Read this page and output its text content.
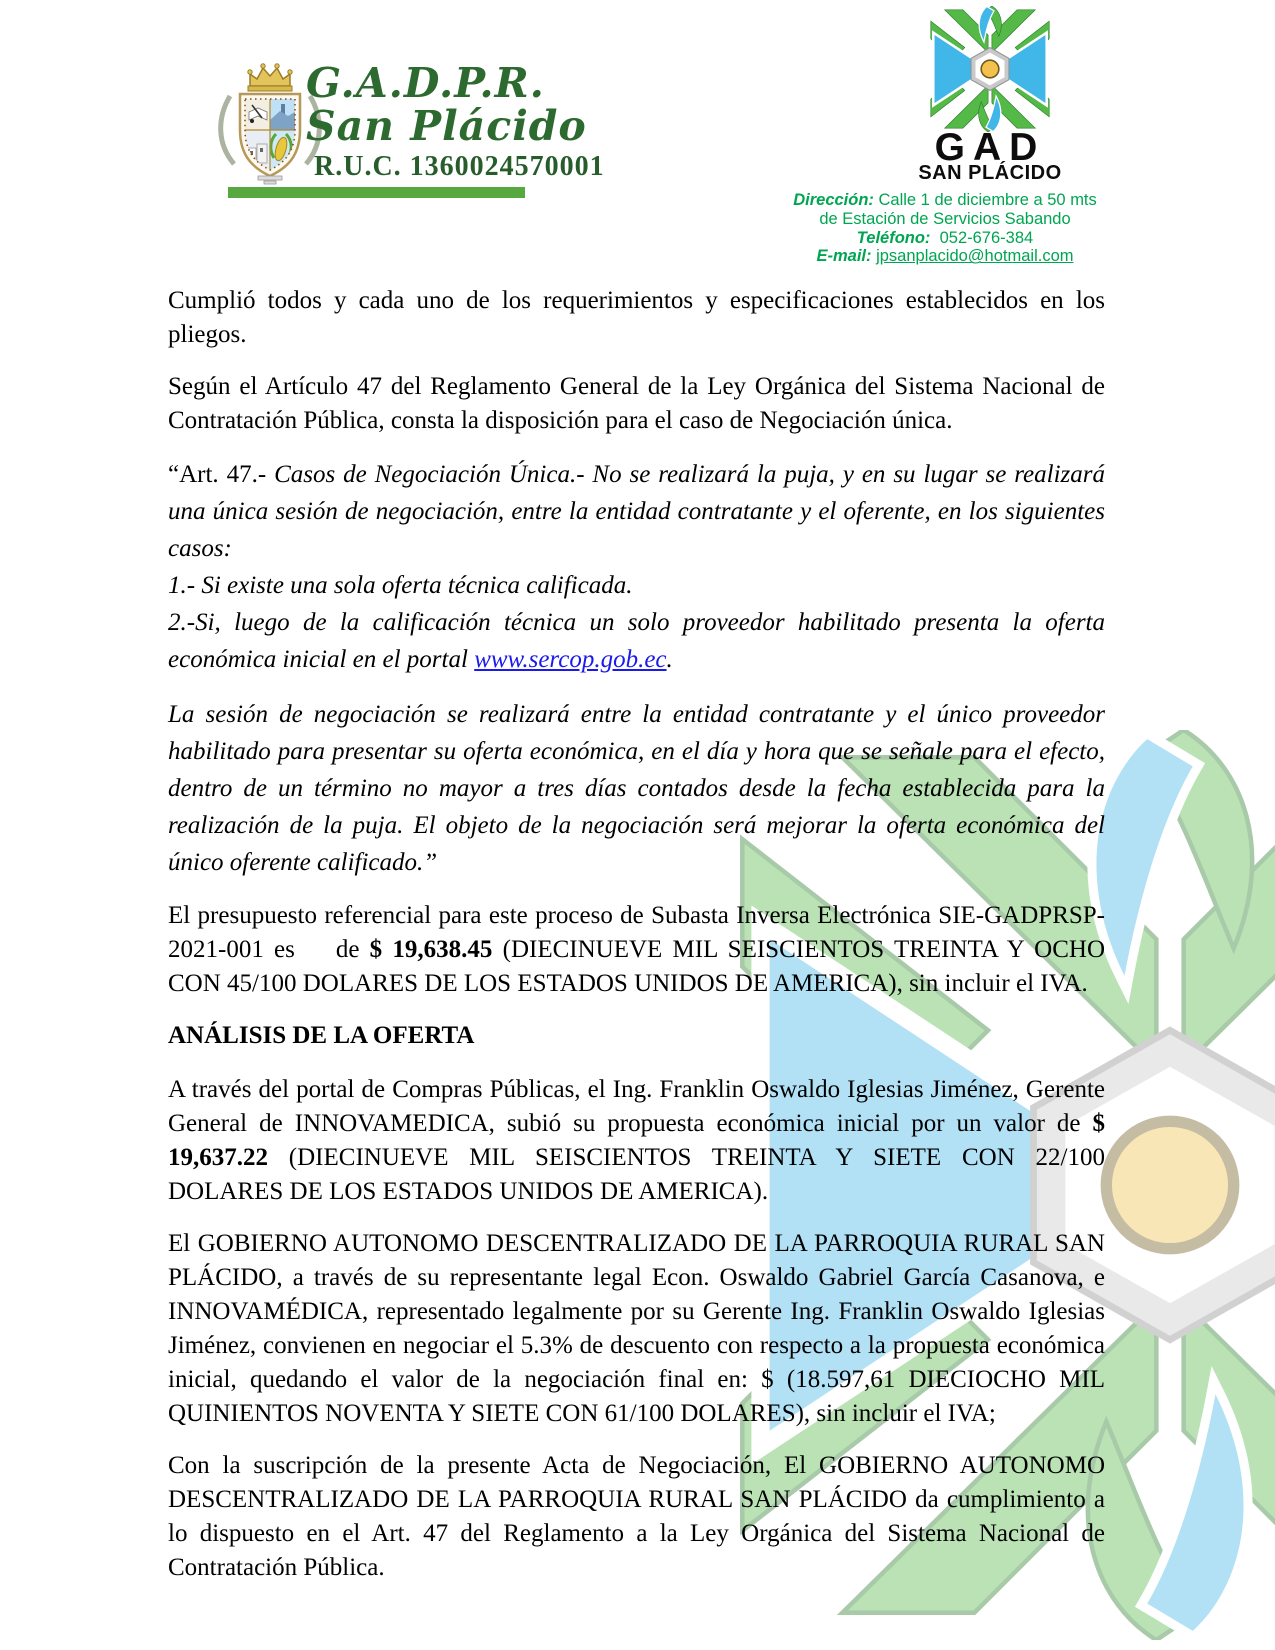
G.A.D.P.R.
San Plácido
R.U.C. 1360024570001	GAD
SAN PLÁCIDO
Dirección: Calle 1 de diciembre a 50 mts
de Estación de Servicios Sabando
Teléfono: 052-676-384
E-mail: jpsanplacido@hotmail.com

Cumplió todos y cada uno de los requerimientos y especificaciones establecidos en los pliegos.

Según el Artículo 47 del Reglamento General de la Ley Orgánica del Sistema Nacional de Contratación Pública, consta la disposición para el caso de Negociación única.

“Art. 47.- Casos de Negociación Única.- No se realizará la puja, y en su lugar se realizará una única sesión de negociación, entre la entidad contratante y el oferente, en los siguientes casos:
1.- Si existe una sola oferta técnica calificada.
2.-Si, luego de la calificación técnica un solo proveedor habilitado presenta la oferta económica inicial en el portal www.sercop.gob.ec.

La sesión de negociación se realizará entre la entidad contratante y el único proveedor habilitado para presentar su oferta económica, en el día y hora que se señale para el efecto, dentro de un término no mayor a tres días contados desde la fecha establecida para la realización de la puja. El objeto de la negociación será mejorar la oferta económica del único oferente calificado.”

El presupuesto referencial para este proceso de Subasta Inversa Electrónica SIE-GADPRSP-2021-001 es    de $ 19,638.45 (DIECINUEVE MIL SEISCIENTOS TREINTA Y OCHO CON 45/100 DOLARES DE LOS ESTADOS UNIDOS DE AMERICA), sin incluir el IVA.

ANÁLISIS DE LA OFERTA

A través del portal de Compras Públicas, el Ing. Franklin Oswaldo Iglesias Jiménez, Gerente General de INNOVAMEDICA, subió su propuesta económica inicial por un valor de $ 19,637.22 (DIECINUEVE MIL SEISCIENTOS TREINTA Y SIETE CON 22/100 DOLARES DE LOS ESTADOS UNIDOS DE AMERICA).

El GOBIERNO AUTONOMO DESCENTRALIZADO DE LA PARROQUIA RURAL SAN PLÁCIDO, a través de su representante legal Econ. Oswaldo Gabriel García Casanova, e INNOVAMÉDICA, representado legalmente por su Gerente Ing. Franklin Oswaldo Iglesias Jiménez, convienen en negociar el 5.3% de descuento con respecto a la propuesta económica inicial, quedando el valor de la negociación final en: $ (18.597,61 DIECIOCHO MIL QUINIENTOS NOVENTA Y SIETE CON 61/100 DOLARES), sin incluir el IVA;

Con la suscripción de la presente Acta de Negociación, El GOBIERNO AUTONOMO DESCENTRALIZADO DE LA PARROQUIA RURAL SAN PLÁCIDO da cumplimiento a lo dispuesto en el Art. 47 del Reglamento a la Ley Orgánica del Sistema Nacional de Contratación Pública.
